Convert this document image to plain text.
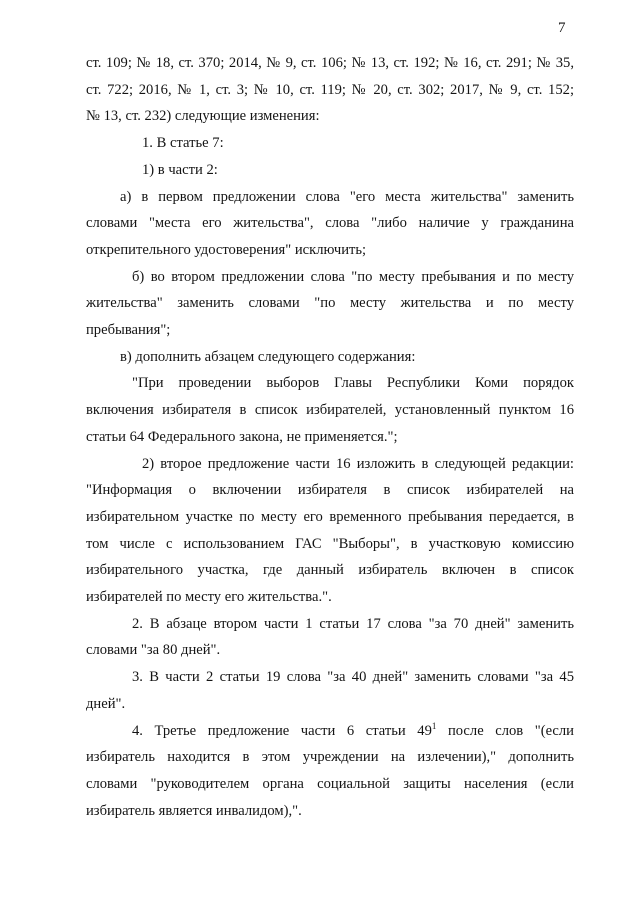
7

ст. 109; № 18, ст. 370; 2014, № 9, ст. 106; № 13, ст. 192; № 16, ст. 291; № 35,

ст. 722; 2016, № 1, ст. 3; № 10, ст. 119; № 20, ст. 302; 2017, № 9, ст. 152;

№ 13, ст. 232) следующие изменения:

1. В статье 7:

1) в части 2:

а) в первом предложении слова "его места жительства" заменить

словами "места его жительства", слова "либо наличие у гражданина

открепительного удостоверения" исключить;

б) во втором предложении слова "по месту пребывания и по месту

жительства" заменить словами "по месту жительства и по месту

пребывания";

в) дополнить абзацем следующего содержания:

"При проведении выборов Главы Республики Коми порядок

включения избирателя в список избирателей, установленный пунктом 16

статьи 64 Федерального закона, не применяется.";

2) второе предложение части 16 изложить в следующей редакции:

"Информация о включении избирателя в список избирателей на

избирательном участке по месту его временного пребывания передается, в

том числе с использованием ГАС "Выборы", в участковую комиссию

избирательного участка, где данный избиратель включен в список

избирателей по месту его жительства.".

2. В абзаце втором части 1 статьи 17 слова "за 70 дней" заменить

словами "за 80 дней".

3. В части 2 статьи 19 слова "за 40 дней" заменить словами "за 45

дней".

4. Третье предложение части 6 статьи $49^1$ после слов "(если

избиратель находится в этом учреждении на излечении)," дополнить

словами "руководителем органа социальной защиты населения (если

избиратель является инвалидом),".
